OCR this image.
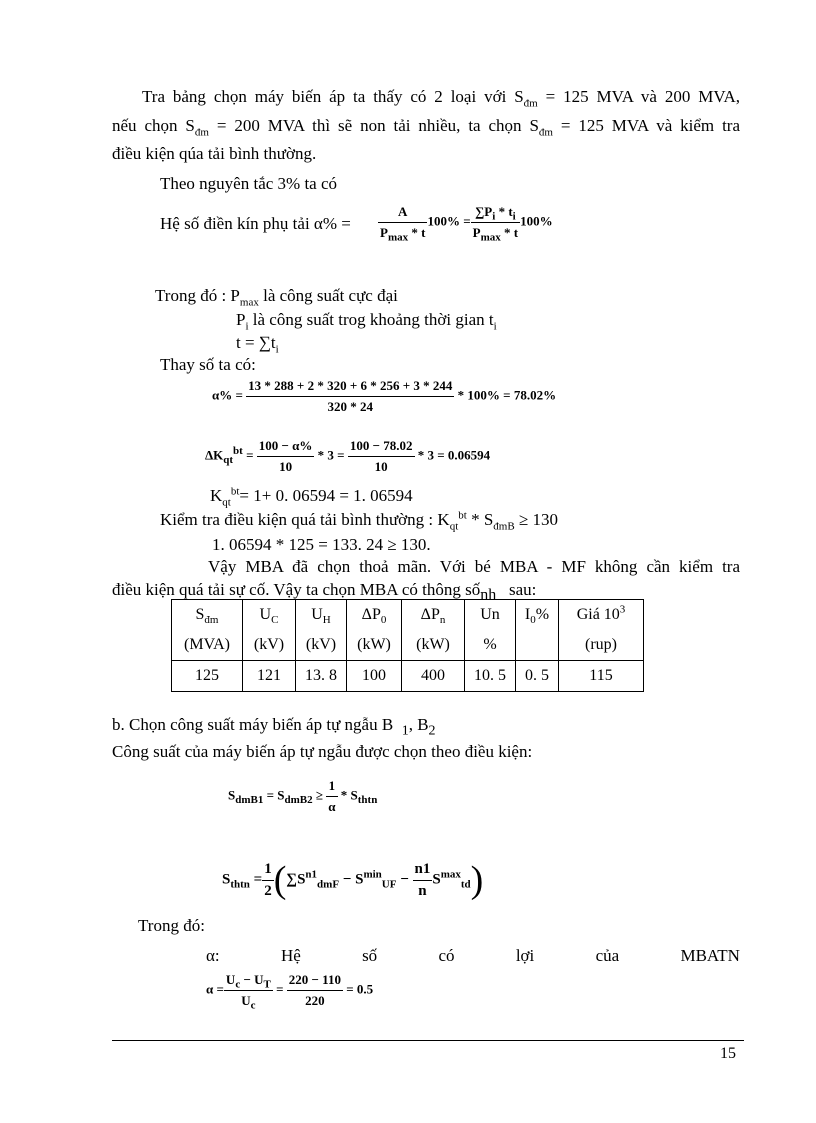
Tra bảng chọn máy biến áp ta thấy có 2 loại với $S_{đm} = 125$ MVA và 200 MVA,
nếu chọn $S_{đm} = 200$ MVA thì sẽ non tải nhiều, ta chọn $S_{đm} = 125$ MVA và kiểm tra
điều kiện qúa tải bình thường.
Theo nguyên tắc 3% ta có
Hệ số điền kín phụ tải $\alpha\% = \frac{A}{P_{max} * t} 100\% = \frac{\sum P_i * t_i}{P_{max} * t} 100\%$
Trong đó : $P_{max}$ là công suất cực đại
$P_i$ là công suất trog khoảng thời gian $t_i$
$t = \sum t_i$
Thay số ta có:
$\alpha\% = \frac{13 * 288 + 2 * 320 + 6 * 256 + 3 * 244}{320 * 24} * 100\% = 78.02\%$
$\Delta K_{qt}^{bt} = \frac{100 - \alpha\%}{10} * 3 = \frac{100 - 78.02}{10} * 3 = 0.06594$
$K_{qt}^{bt}= 1+ 0$. 06594 = 1. 06594
Kiểm tra điều kiện quá tải bình thường : $K_{qt}^{bt} * S_{đmB} \ge 130$
1. 06594 * 125 = 133. 24 ≥ 130.
Vậy MBA đã chọn thoả mãn. Với bé MBA - MF không cần kiểm tra
điều kiện quá tải sự cố. Vậy ta chọn MBA có thông số$_{nh}$ sau:
$S_{đm}$	$U_C$	$U_H$	$\Delta P_0$	$\Delta P_n$	Un	$I_0\%$	Giá $10^3$
(MVA)	(kV)	(kV)	(kW)	(kW)	%		(rup)
125	121	13. 8	100	400	10. 5	0. 5	115
b. Chọn công suất máy biến áp tự ngẫu B $_1$, $B_2$
Công suất của máy biến áp tự ngẫu được chọn theo điều kiện:
$S_{dmB1} = S_{dmB2} \ge \frac{1}{\alpha} * S_{thtn}$
$S_{thtn} = \frac{1}{2} (\sum S^{n1}_{dmF} - S^{min}_{UF} - \frac{n1}{n} S^{max}_{td})$
Trong đó:
α:	Hệ	số	có	lợi	của	MBATN
$\alpha = \frac{U_c - U_T}{U_c} = \frac{220 - 110}{220} = 0.5$
15
